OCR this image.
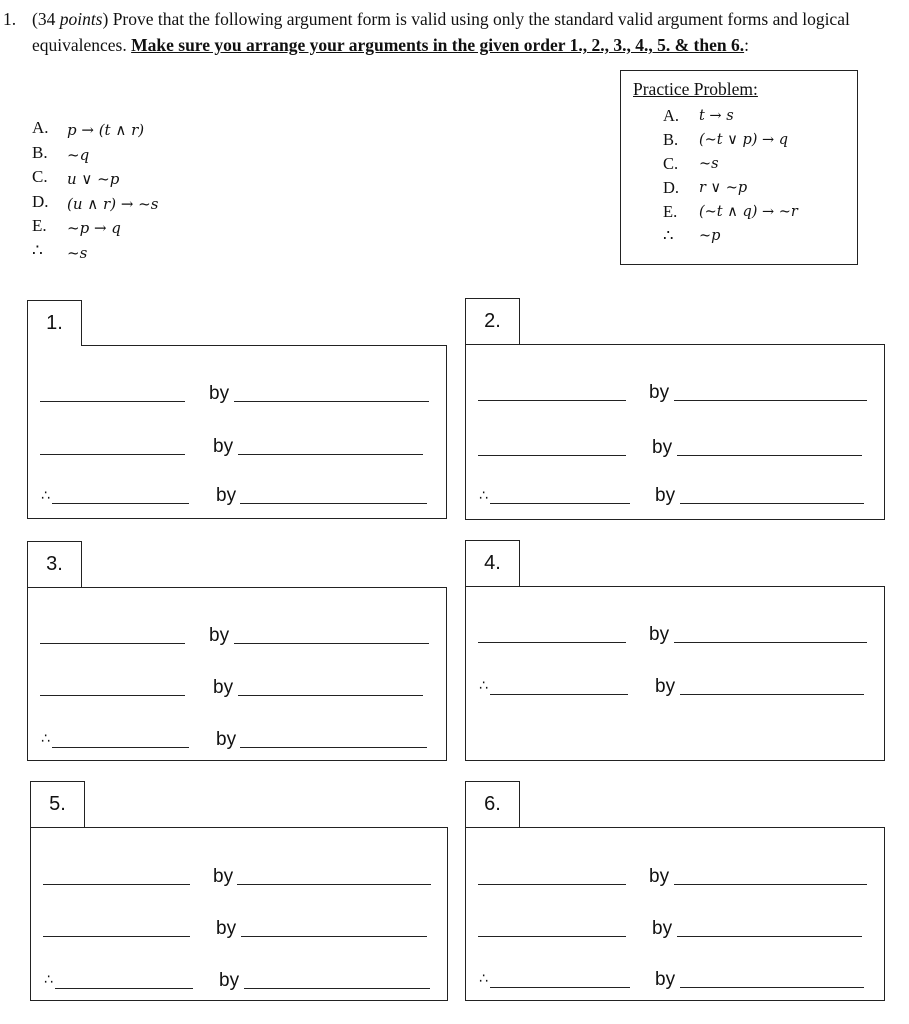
1. (34 points) Prove that the following argument form is valid using only the standard valid argument forms and logical equivalences. Make sure you arrange your arguments in the given order 1., 2., 3., 4., 5. & then 6.:
A.	p → (t ∧ r)
B.	~q
C.	u ∨ ~p
D.	(u ∧ r) → ~s
E.	~p → q
∴	~s
Practice Problem:
A. t → s
B. (~t ∨ p) → q
C. ~s
D. r ∨ ~p
E. (~t ∧ q) → ~r
∴ ~p
1.
by
by
∴	by
2.
by
by
∴	by
3.
by
by
∴	by
4.
by
∴	by
5.
by
by
∴	by
6.
by
by
∴	by
